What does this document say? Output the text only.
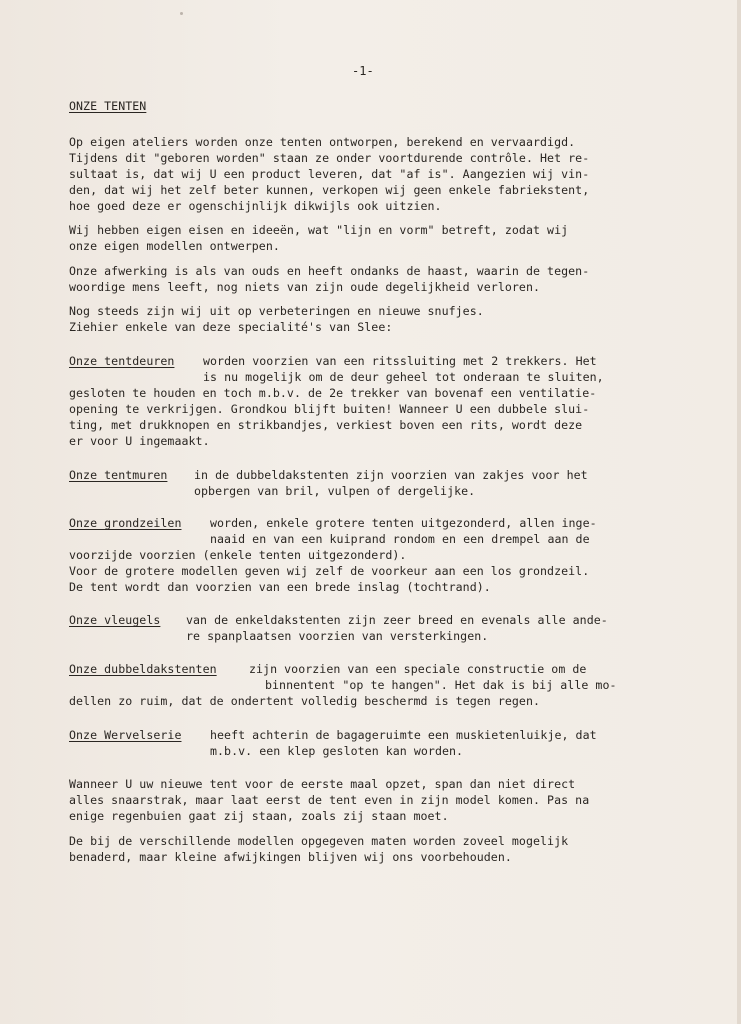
-1-
ONZE TENTEN
Op eigen ateliers worden onze tenten ontworpen, berekend en vervaardigd.
Tijdens dit "geboren worden" staan ze onder voortdurende contrôle. Het re-
sultaat is, dat wij U een product leveren, dat "af is". Aangezien wij vin-
den, dat wij het zelf beter kunnen, verkopen wij geen enkele fabriekstent,
hoe goed deze er ogenschijnlijk dikwijls ook uitzien.
Wij hebben eigen eisen en ideeën, wat "lijn en vorm" betreft, zodat wij
onze eigen modellen ontwerpen.
Onze afwerking is als van ouds en heeft ondanks de haast, waarin de tegen-
woordige mens leeft, nog niets van zijn oude degelijkheid verloren.
Nog steeds zijn wij uit op verbeteringen en nieuwe snufjes.
Ziehier enkele van deze specialité's van Slee:
Onze tentdeuren worden voorzien van een ritssluiting met 2 trekkers. Het
is nu mogelijk om de deur geheel tot onderaan te sluiten,
gesloten te houden en toch m.b.v. de 2e trekker van bovenaf een ventilatie-
opening te verkrijgen. Grondkou blijft buiten! Wanneer U een dubbele slui-
ting, met drukknopen en strikbandjes, verkiest boven een rits, wordt deze
er voor U ingemaakt.
Onze tentmuren in de dubbeldakstenten zijn voorzien van zakjes voor het
opbergen van bril, vulpen of dergelijke.
Onze grondzeilen worden, enkele grotere tenten uitgezonderd, allen inge-
naaid en van een kuiprand rondom en een drempel aan de
voorzijde voorzien (enkele tenten uitgezonderd).
Voor de grotere modellen geven wij zelf de voorkeur aan een los grondzeil.
De tent wordt dan voorzien van een brede inslag (tochtrand).
Onze vleugels van de enkeldakstenten zijn zeer breed en evenals alle ande-
re spanplaatsen voorzien van versterkingen.
Onze dubbeldakstenten	zijn voorzien van een speciale constructie om de
binnentent "op te hangen". Het dak is bij alle mo-
dellen zo ruim, dat de ondertent volledig beschermd is tegen regen.
Onze Wervelserie heeft achterin de bagageruimte een muskietenluikje, dat
m.b.v. een klep gesloten kan worden.
Wanneer U uw nieuwe tent voor de eerste maal opzet, span dan niet direct
alles snaarstrak, maar laat eerst de tent even in zijn model komen. Pas na
enige regenbuien gaat zij staan, zoals zij staan moet.
De bij de verschillende modellen opgegeven maten worden zoveel mogelijk
benaderd, maar kleine afwijkingen blijven wij ons voorbehouden.
